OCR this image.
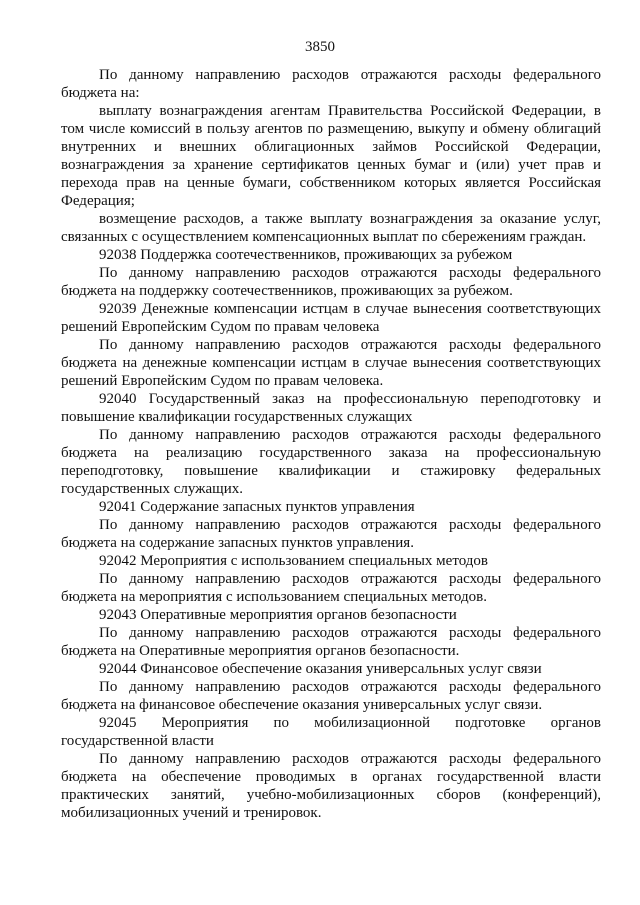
3850

По данному направлению расходов отражаются расходы федерального бюджета на:

выплату вознаграждения агентам Правительства Российской Федерации, в том числе комиссий в пользу агентов по размещению, выкупу и обмену облигаций внутренних и внешних облигационных займов Российской Федерации, вознаграждения за хранение сертификатов ценных бумаг и (или) учет прав и перехода прав на ценные бумаги, собственником которых является Российская Федерация;

возмещение расходов, а также выплату вознаграждения за оказание услуг, связанных с осуществлением компенсационных выплат по сбережениям граждан.

92038 Поддержка соотечественников, проживающих за рубежом

По данному направлению расходов отражаются расходы федерального бюджета на поддержку соотечественников, проживающих за рубежом.

92039 Денежные компенсации истцам в случае вынесения соответствующих решений Европейским Судом по правам человека

По данному направлению расходов отражаются расходы федерального бюджета на денежные компенсации истцам в случае вынесения соответствующих решений Европейским Судом по правам человека.

92040 Государственный заказ на профессиональную переподготовку и повышение квалификации государственных служащих

По данному направлению расходов отражаются расходы федерального бюджета на реализацию государственного заказа на профессиональную переподготовку, повышение квалификации и стажировку федеральных государственных служащих.

92041 Содержание запасных пунктов управления

По данному направлению расходов отражаются расходы федерального бюджета на содержание запасных пунктов управления.

92042 Мероприятия с использованием специальных методов

По данному направлению расходов отражаются расходы федерального бюджета на мероприятия с использованием специальных методов.

92043 Оперативные мероприятия органов безопасности

По данному направлению расходов отражаются расходы федерального бюджета на Оперативные мероприятия органов безопасности.

92044 Финансовое обеспечение оказания универсальных услуг связи

По данному направлению расходов отражаются расходы федерального бюджета на финансовое обеспечение оказания универсальных услуг связи.

92045 Мероприятия по мобилизационной подготовке органов государственной власти

По данному направлению расходов отражаются расходы федерального бюджета на обеспечение проводимых в органах государственной власти практических занятий, учебно-мобилизационных сборов (конференций), мобилизационных учений и тренировок.
